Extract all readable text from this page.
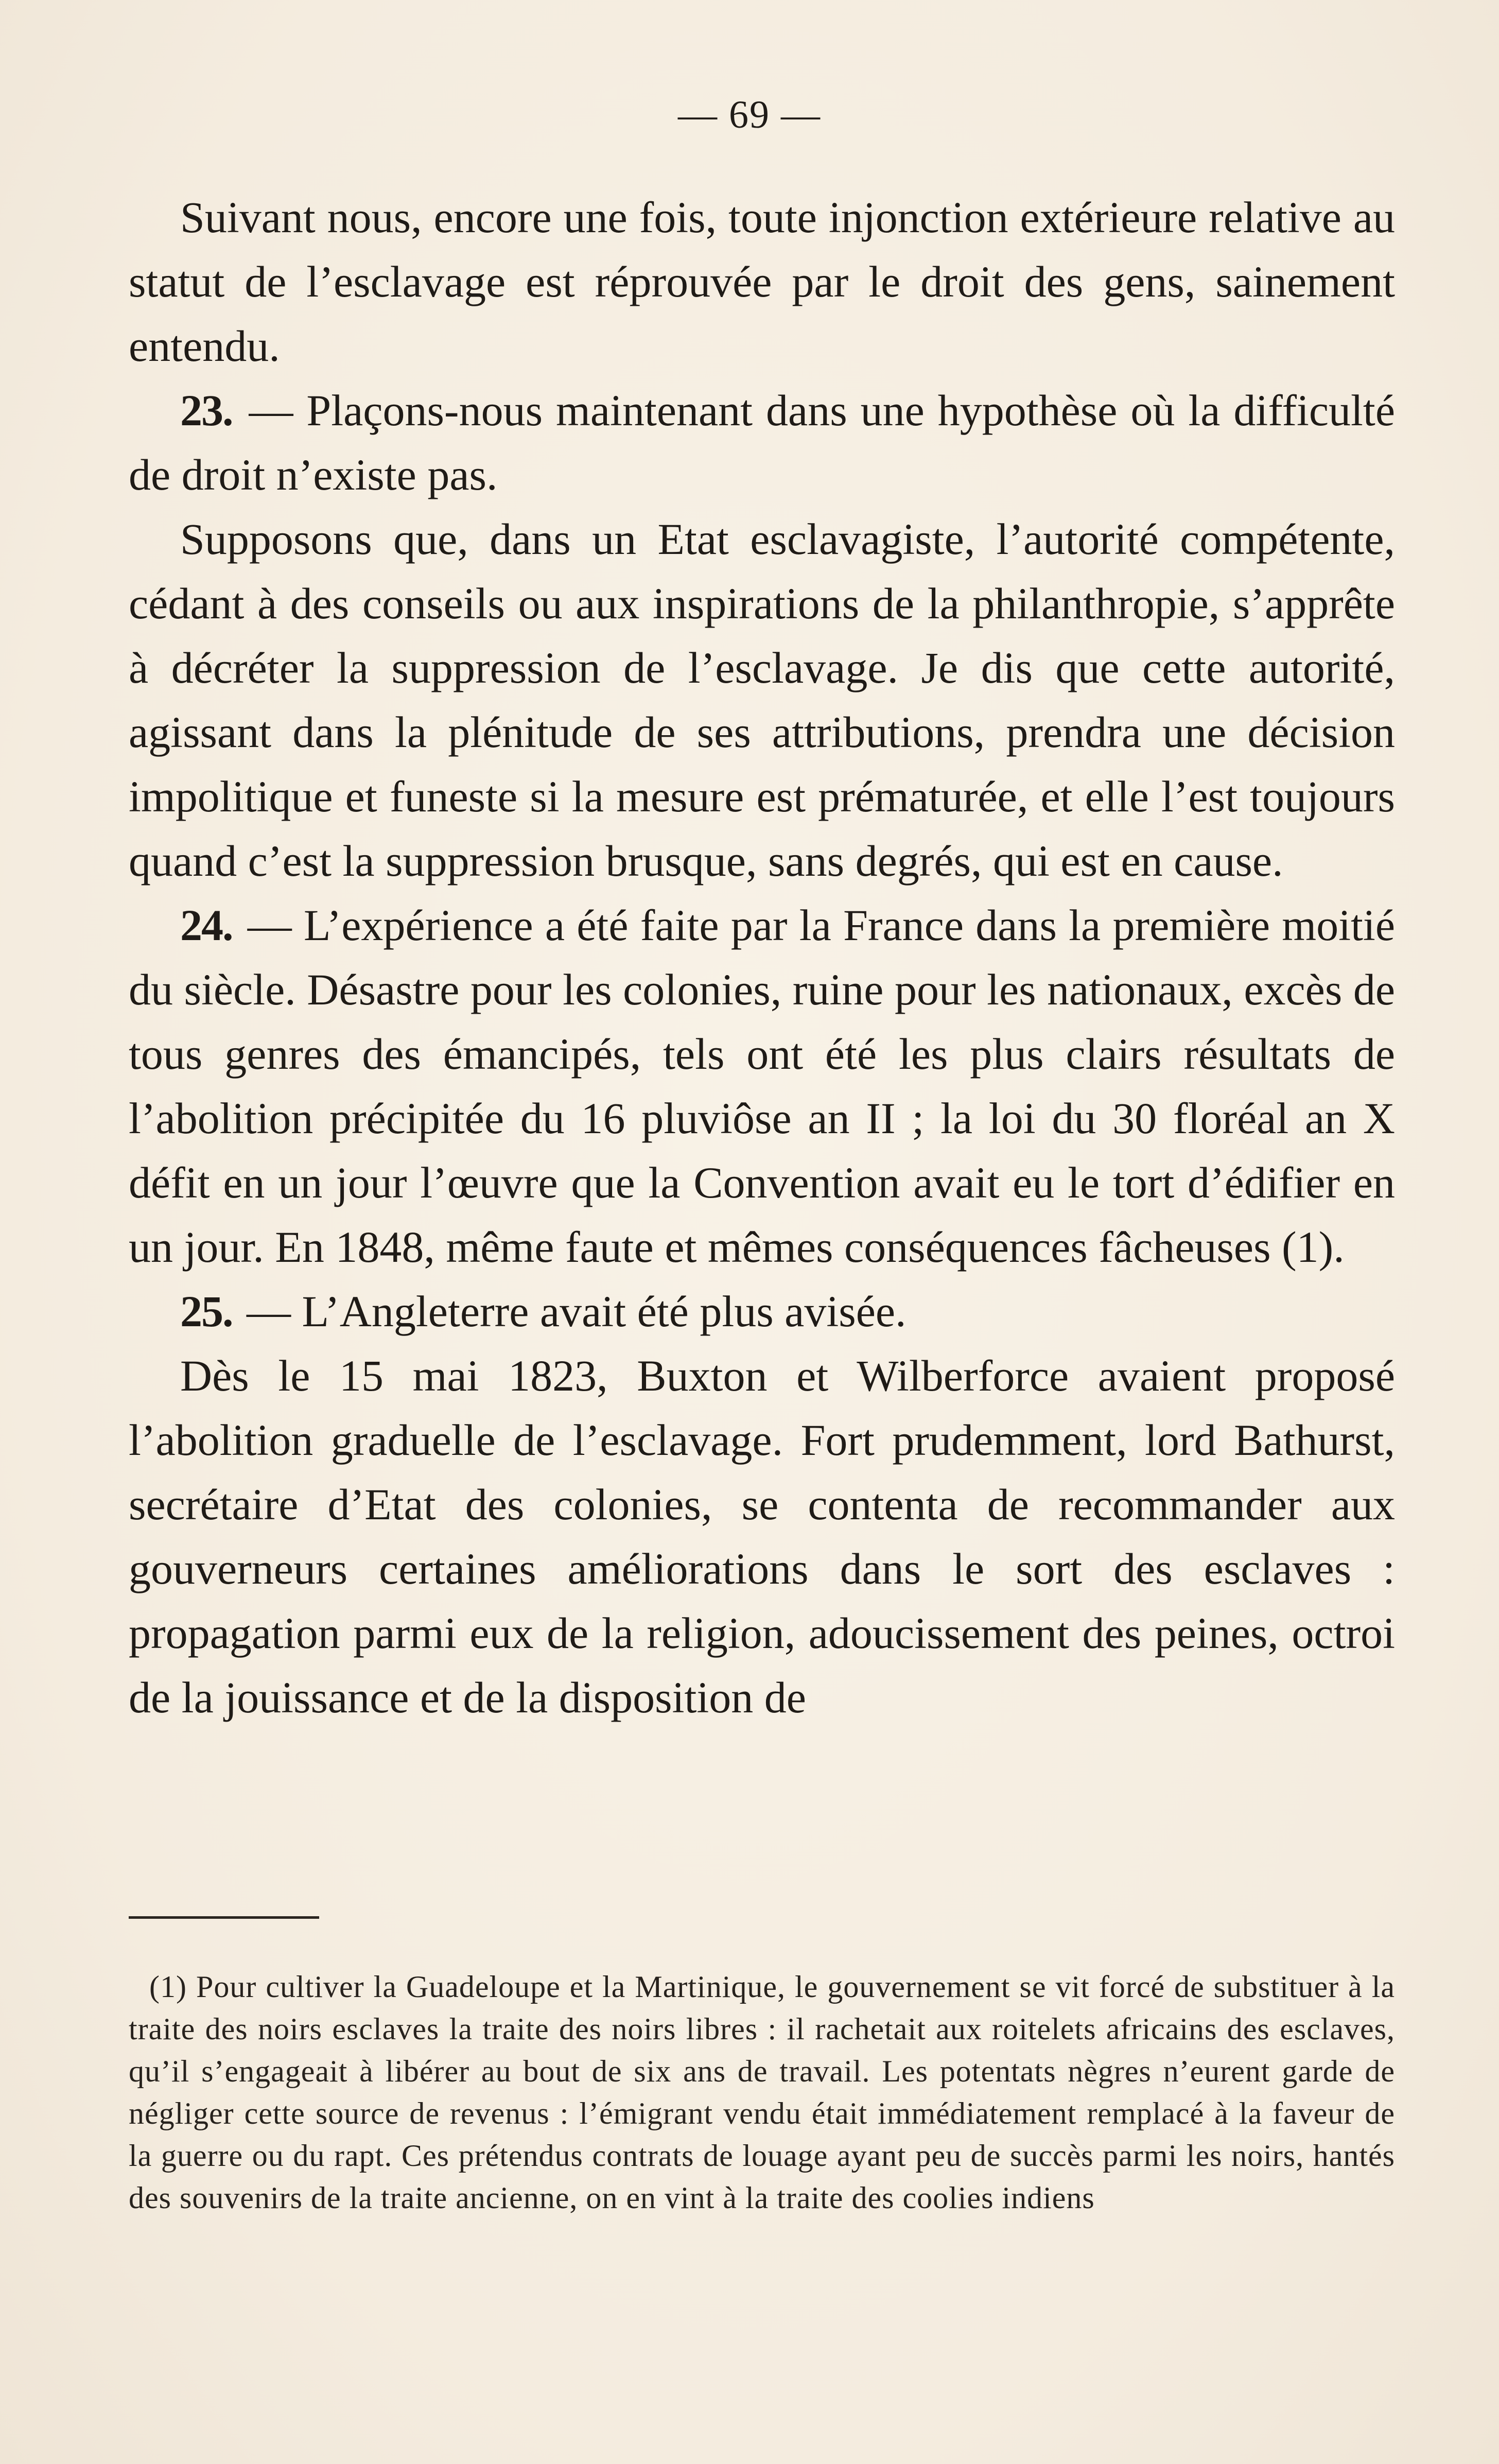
— 69 —

Suivant nous, encore une fois, toute injonction extérieure relative au statut de l’esclavage est réprouvée par le droit des gens, sainement entendu.

23. — Plaçons-nous maintenant dans une hypothèse où la difficulté de droit n’existe pas.

Supposons que, dans un Etat esclavagiste, l’autorité compétente, cédant à des conseils ou aux inspirations de la philanthropie, s’apprête à décréter la suppression de l’esclavage. Je dis que cette autorité, agissant dans la plénitude de ses attributions, prendra une décision impolitique et funeste si la mesure est prématurée, et elle l’est toujours quand c’est la suppression brusque, sans degrés, qui est en cause.

24. — L’expérience a été faite par la France dans la première moitié du siècle. Désastre pour les colonies, ruine pour les nationaux, excès de tous genres des émancipés, tels ont été les plus clairs résultats de l’abolition précipitée du 16 pluviôse an II ; la loi du 30 floréal an X défit en un jour l’œuvre que la Convention avait eu le tort d’édifier en un jour. En 1848, même faute et mêmes conséquences fâcheuses (1).

25. — L’Angleterre avait été plus avisée.

Dès le 15 mai 1823, Buxton et Wilberforce avaient proposé l’abolition graduelle de l’esclavage. Fort prudemment, lord Bathurst, secrétaire d’Etat des colonies, se contenta de recommander aux gouverneurs certaines améliorations dans le sort des esclaves : propagation parmi eux de la religion, adoucissement des peines, octroi de la jouissance et de la disposition de

(1) Pour cultiver la Guadeloupe et la Martinique, le gouvernement se vit forcé de substituer à la traite des noirs esclaves la traite des noirs libres : il rachetait aux roitelets africains des esclaves, qu’il s’engageait à libérer au bout de six ans de travail. Les potentats nègres n’eurent garde de négliger cette source de revenus : l’émigrant vendu était immédiatement remplacé à la faveur de la guerre ou du rapt. Ces prétendus contrats de louage ayant peu de succès parmi les noirs, hantés des souvenirs de la traite ancienne, on en vint à la traite des coolies indiens
